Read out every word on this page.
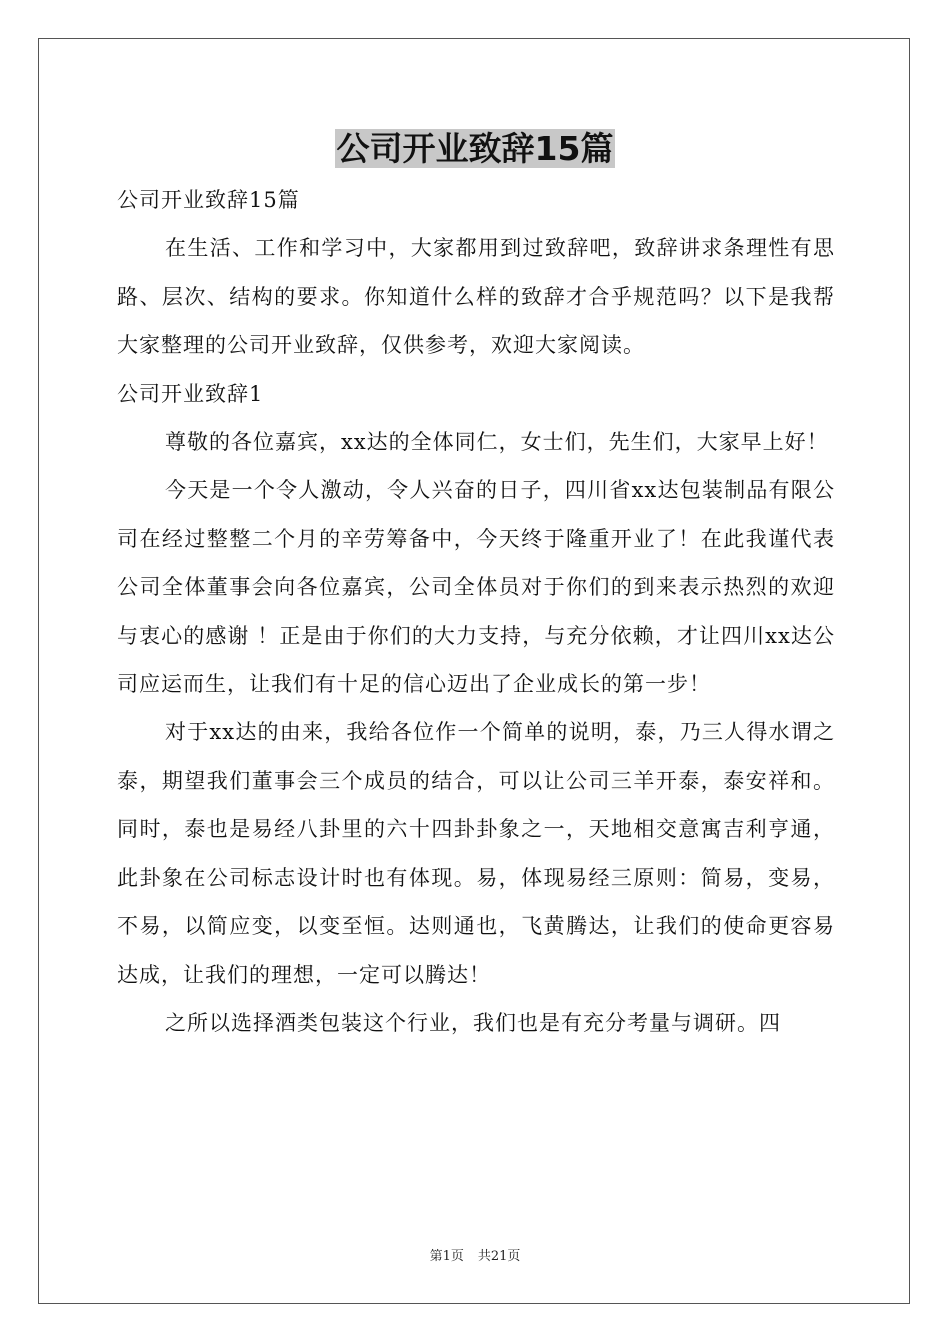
公司开业致辞15篇

公司开业致辞15篇

在生活、工作和学习中，大家都用到过致辞吧，致辞讲求条理性有思路、层次、结构的要求。你知道什么样的致辞才合乎规范吗？以下是我帮大家整理的公司开业致辞，仅供参考，欢迎大家阅读。

公司开业致辞1

尊敬的各位嘉宾，xx达的全体同仁，女士们，先生们，大家早上好！

今天是一个令人激动，令人兴奋的日子，四川省xx达包装制品有限公司在经过整整二个月的辛劳筹备中，今天终于隆重开业了！在此我谨代表公司全体董事会向各位嘉宾，公司全体员对于你们的到来表示热烈的欢迎与衷心的感谢 ！正是由于你们的大力支持，与充分依赖，才让四川xx达公司应运而生，让我们有十足的信心迈出了企业成长的第一步！

对于xx达的由来，我给各位作一个简单的说明，泰，乃三人得水谓之泰，期望我们董事会三个成员的结合，可以让公司三羊开泰，泰安祥和。同时，泰也是易经八卦里的六十四卦卦象之一，天地相交意寓吉利亨通，此卦象在公司标志设计时也有体现。易，体现易经三原则：简易，变易，不易，以简应变，以变至恒。达则通也，飞黄腾达，让我们的使命更容易达成，让我们的理想，一定可以腾达！

之所以选择酒类包装这个行业，我们也是有充分考量与调研。四

第1页 共21页
